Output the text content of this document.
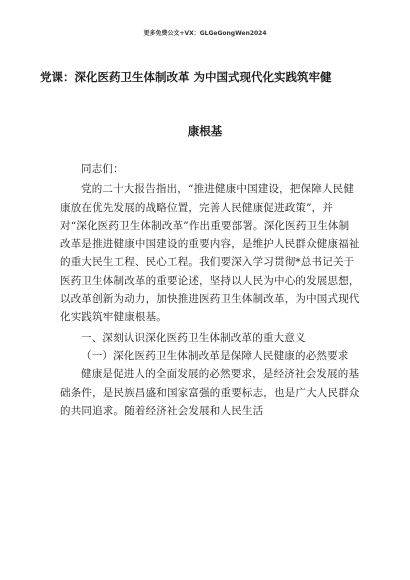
更多免费公文+VX：GLGeGongWen2024
党课：深化医药卫生体制改革 为中国式现代化实践筑牢健
康根基

同志们：

党的二十大报告指出，“推进健康中国建设，把保障人民健康放在优先发展的战略位置，完善人民健康促进政策”，并对“深化医药卫生体制改革”作出重要部署。深化医药卫生体制改革是推进健康中国建设的重要内容，是维护人民群众健康福祉的重大民生工程、民心工程。我们要深入学习贯彻*总书记关于医药卫生体制改革的重要论述，坚持以人民为中心的发展思想，以改革创新为动力，加快推进医药卫生体制改革，为中国式现代化实践筑牢健康根基。

一、深刻认识深化医药卫生体制改革的重大意义

（一）深化医药卫生体制改革是保障人民健康的必然要求

健康是促进人的全面发展的必然要求，是经济社会发展的基础条件，是民族昌盛和国家富强的重要标志，也是广大人民群众的共同追求。随着经济社会发展和人民生活
